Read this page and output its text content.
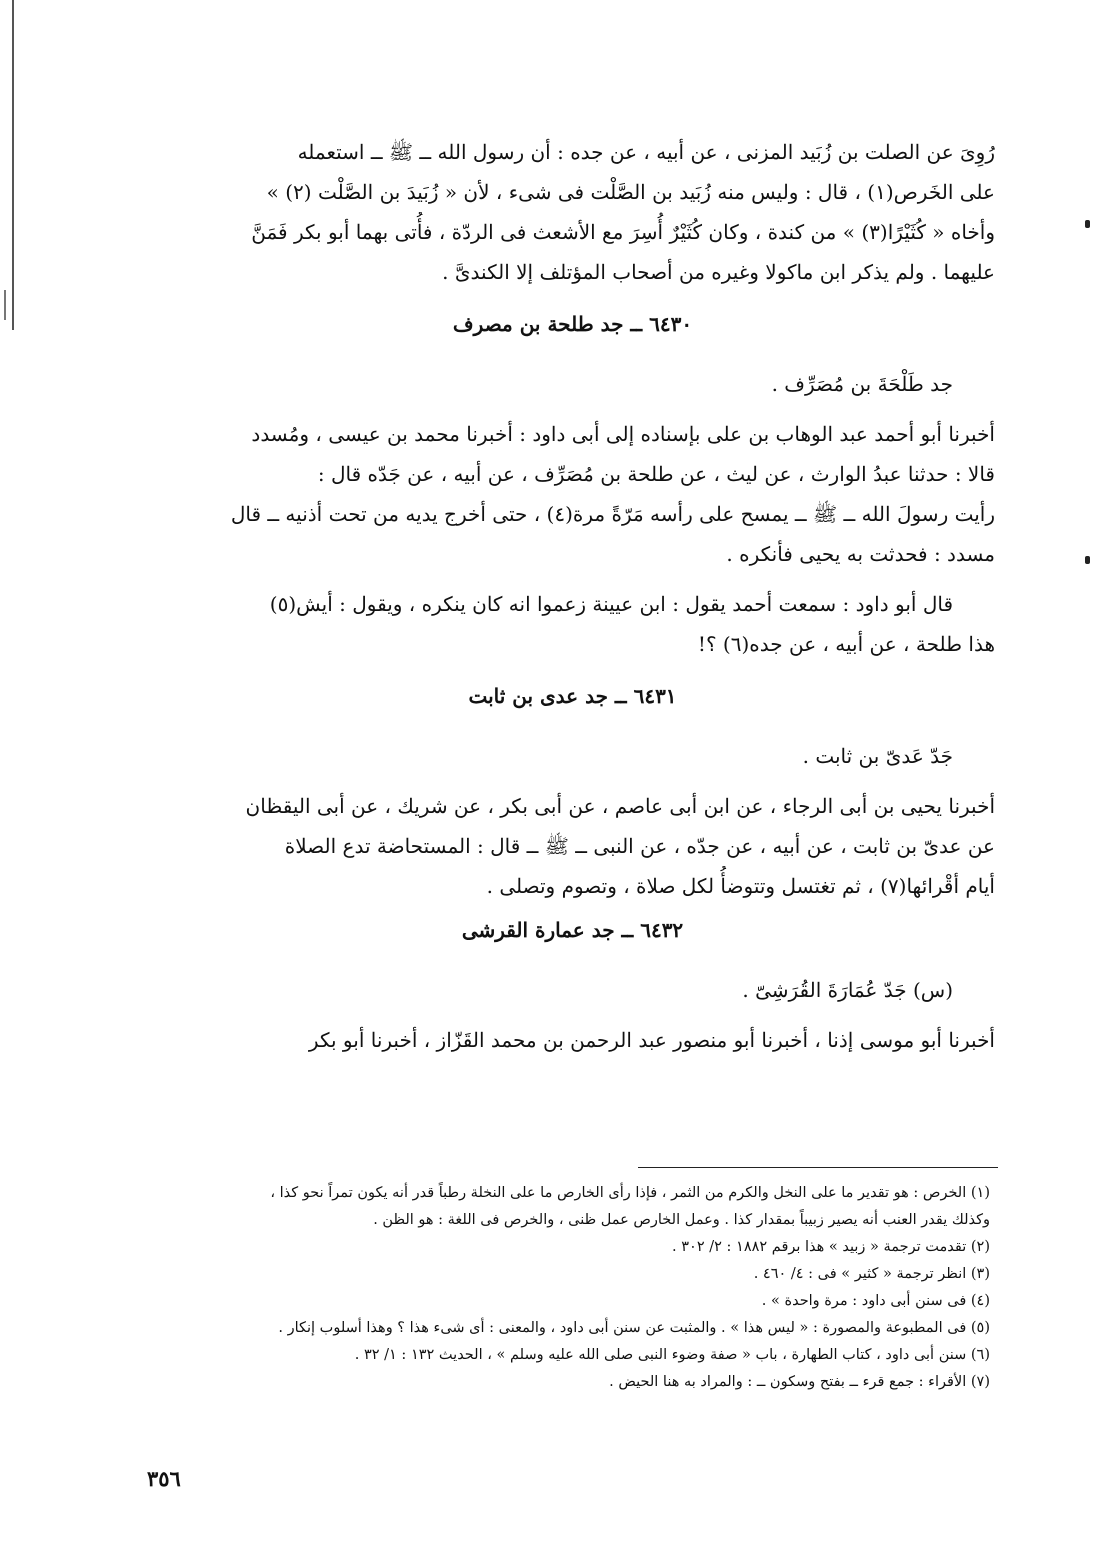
رُوِىَ عن الصلت بن زُبَيد المزنى ، عن أبيه ، عن جده : أن رسول الله ــ ﷺ ــ استعمله

على الخَرص(١) ، قال : وليس منه زُبَيد بن الصَّلْت فى شىء ، لأن « زُبَيدَ بن الصَّلْت (٢) »

وأخاه « كُثَيْرًا(٣) » من كندة ، وكان كُثَيْرٌ أُسِرَ مع الأشعث فى الردّة ، فأُتى بهما أبو بكر فَمَنَّ

عليهما . ولم يذكر ابن ماكولا وغيره من أصحاب المؤتلف إلا الكندىَّ .

٦٤٣٠ ــ جد طلحة بن مصرف

جد طَلْحَةَ بن مُصَرِّف .

أخبرنا أبو أحمد عبد الوهاب بن على بإسناده إلى أبى داود : أخبرنا محمد بن عيسى ، ومُسدد

قالا : حدثنا عبدُ الوارث ، عن ليث ، عن طلحة بن مُصَرِّف ، عن أبيه ، عن جَدّه قال :

رأيت رسولَ الله ــ ﷺ ــ يمسح على رأسه مَرّةً مرة(٤) ، حتى أخرج يديه من تحت أذنيه ــ قال

مسدد : فحدثت به يحيى فأنكره .

قال أبو داود : سمعت أحمد يقول : ابن عيينة زعموا انه كان ينكره ، ويقول : أيش(٥)

هذا طلحة ، عن أبيه ، عن جده(٦) ؟!

٦٤٣١ ــ جد عدى بن ثابت

جَدّ عَدىّ بن ثابت .

أخبرنا يحيى بن أبى الرجاء ، عن ابن أبى عاصم ، عن أبى بكر ، عن شريك ، عن أبى اليقظان

عن عدىّ بن ثابت ، عن أبيه ، عن جدّه ، عن النبى ــ ﷺ ــ قال : المستحاضة تدع الصلاة

أيام أقْرائها(٧) ، ثم تغتسل وتتوضأُ لكل صلاة ، وتصوم وتصلى .

٦٤٣٢ ــ جد عمارة القرشى

(س) جَدّ عُمَارَةَ القُرَشِىّ .

أخبرنا أبو موسى إذنا ، أخبرنا أبو منصور عبد الرحمن بن محمد القَزّاز ، أخبرنا أبو بكر

(١) الخرص : هو تقدير ما على النخل والكرم من الثمر ، فإذا رأى الخارص ما على النخلة رطباً قدر أنه يكون تمراً نحو كذا ،

وكذلك يقدر العنب أنه يصير زبيباً بمقدار كذا . وعمل الخارص عمل ظنى ، والخرص فى اللغة : هو الظن .

(٢) تقدمت ترجمة « زبيد » هذا برقم ١٨٨٢ : ٢/ ٣٠٢ .

(٣) انظر ترجمة « كثير » فى : ٤/ ٤٦٠ .

(٤) فى سنن أبى داود : مرة واحدة » .

(٥) فى المطبوعة والمصورة : « ليس هذا » . والمثبت عن سنن أبى داود ، والمعنى : أى شىء هذا ؟ وهذا أسلوب إنكار .

(٦) سنن أبى داود ، كتاب الطهارة ، باب « صفة وضوء النبى صلى الله عليه وسلم » ، الحديث ١٣٢ : ١/ ٣٢ .

(٧) الأقراء : جمع قرء ــ بفتح وسكون ــ : والمراد به هنا الحيض .

٣٥٦
